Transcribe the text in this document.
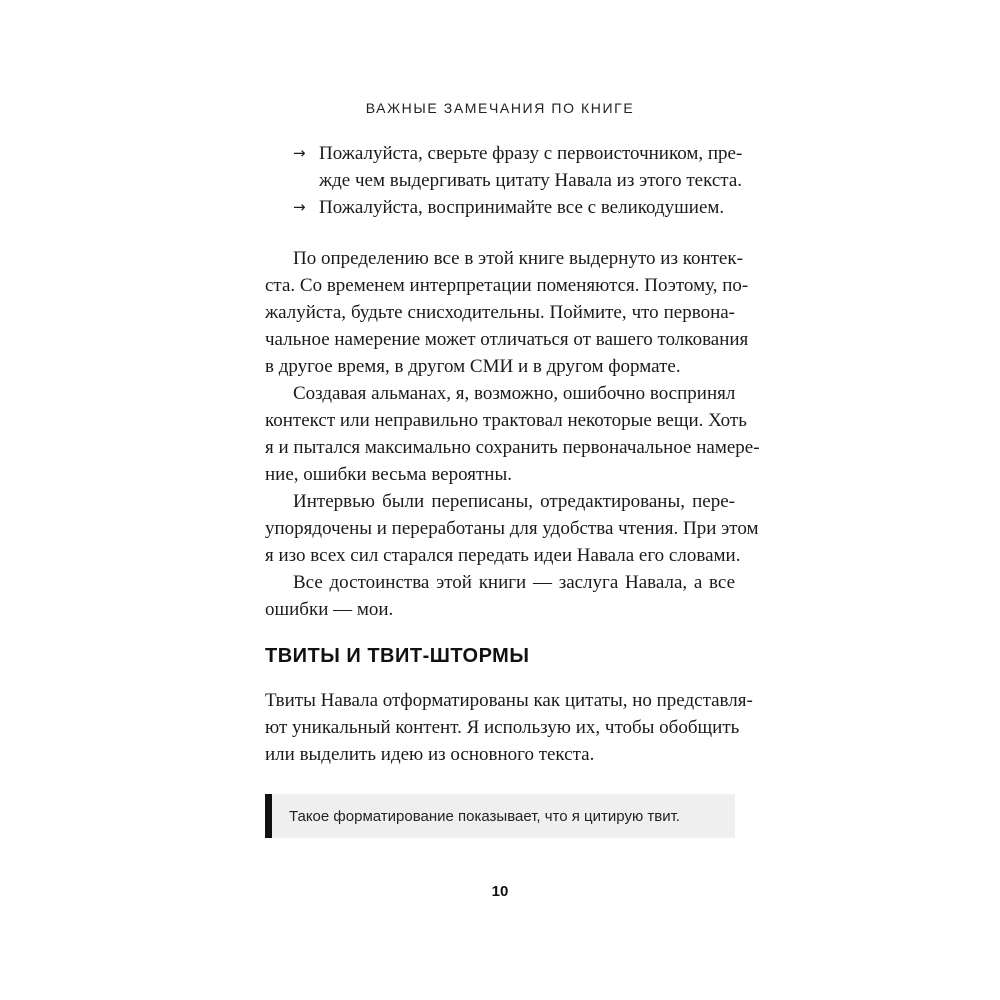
ВАЖНЫЕ ЗАМЕЧАНИЯ ПО КНИГЕ
→ Пожалуйста, сверьте фразу с первоисточником, пре-
жде чем выдергивать цитату Навала из этого текста.
→ Пожалуйста, воспринимайте все с великодушием.
По определению все в этой книге выдернуто из контек-
ста. Со временем интерпретации поменяются. Поэтому, по-
жалуйста, будьте снисходительны. Поймите, что первона-
чальное намерение может отличаться от вашего толкования
в другое время, в другом СМИ и в другом формате.
Создавая альманах, я, возможно, ошибочно воспринял
контекст или неправильно трактовал некоторые вещи. Хоть
я и пытался максимально сохранить первоначальное намере-
ние, ошибки весьма вероятны.
Интервью были переписаны, отредактированы, пере-
упорядочены и переработаны для удобства чтения. При этом
я изо всех сил старался передать идеи Навала его словами.
Все достоинства этой книги — заслуга Навала, а все
ошибки — мои.
ТВИТЫ И ТВИТ-ШТОРМЫ
Твиты Навала отформатированы как цитаты, но представля-
ют уникальный контент. Я использую их, чтобы обобщить
или выделить идею из основного текста.
Такое форматирование показывает, что я цитирую твит.
10
